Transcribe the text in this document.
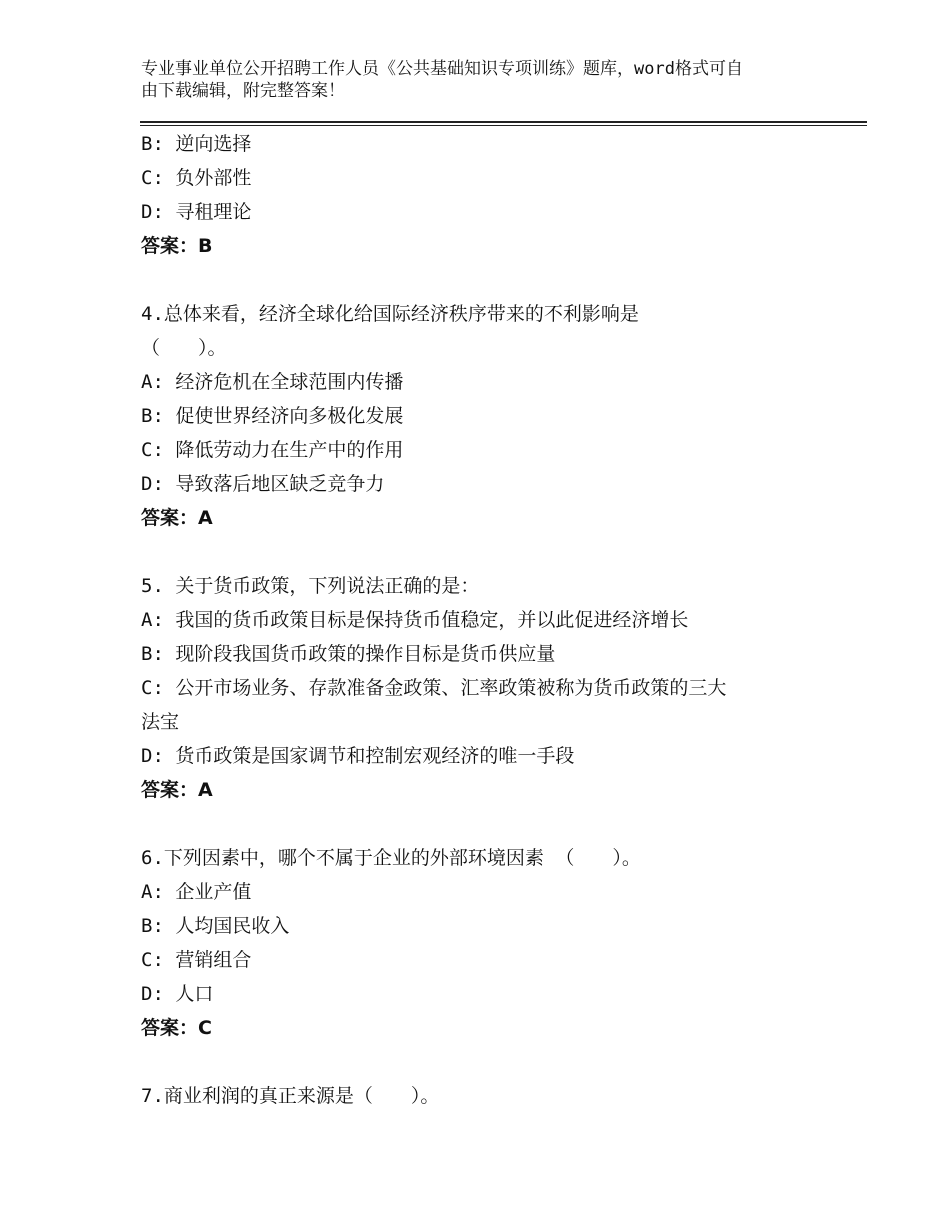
专业事业单位公开招聘工作人员《公共基础知识专项训练》题库，word格式可自
由下载编辑，附完整答案！
B: 逆向选择
C: 负外部性
D: 寻租理论
答案：B
4.总体来看，经济全球化给国际经济秩序带来的不利影响是
（　　）。
A: 经济危机在全球范围内传播
B: 促使世界经济向多极化发展
C: 降低劳动力在生产中的作用
D: 导致落后地区缺乏竞争力
答案：A
5. 关于货币政策，下列说法正确的是：
A: 我国的货币政策目标是保持货币值稳定，并以此促进经济增长
B: 现阶段我国货币政策的操作目标是货币供应量
C: 公开市场业务、存款准备金政策、汇率政策被称为货币政策的三大
法宝
D: 货币政策是国家调节和控制宏观经济的唯一手段
答案：A
6.下列因素中，哪个不属于企业的外部环境因素 （　　）。
A: 企业产值
B: 人均国民收入
C: 营销组合
D: 人口
答案：C
7.商业利润的真正来源是（　　）。
